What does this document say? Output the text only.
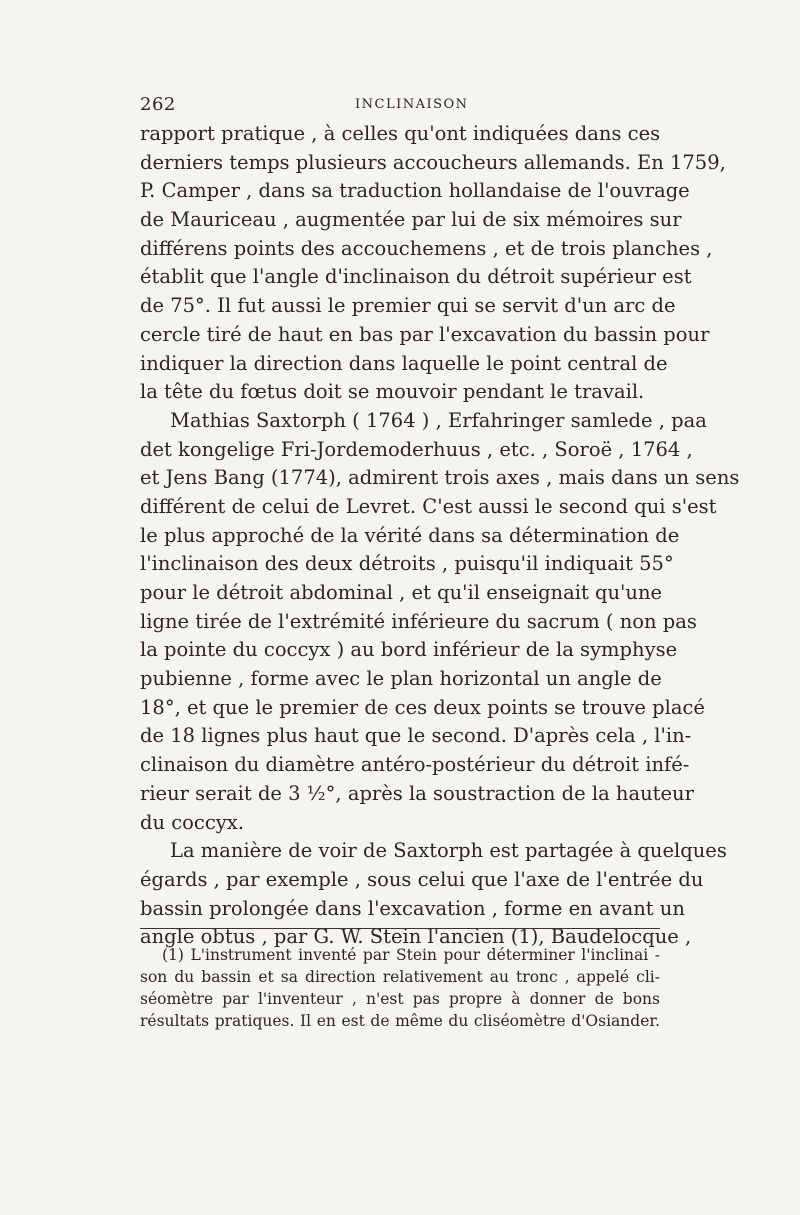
262	INCLINAISON
rapport pratique , à celles qu'ont indiquées dans ces
derniers temps plusieurs accoucheurs allemands. En 1759,
P. Camper , dans sa traduction hollandaise de l'ouvrage
de Mauriceau , augmentée par lui de six mémoires sur
différens points des accouchemens , et de trois planches ,
établit que l'angle d'inclinaison du détroit supérieur est
de 75°. Il fut aussi le premier qui se servit d'un arc de
cercle tiré de haut en bas par l'excavation du bassin pour
indiquer la direction dans laquelle le point central de
la tête du fœtus doit se mouvoir pendant le travail.
Mathias Saxtorph ( 1764 ) , Erfahringer samlede , paa
det kongelige Fri-Jordemoderhuus , etc. , Soroë , 1764 ,
et Jens Bang (1774), admirent trois axes , mais dans un sens
différent de celui de Levret. C'est aussi le second qui s'est
le plus approché de la vérité dans sa détermination de
l'inclinaison des deux détroits , puisqu'il indiquait 55°
pour le détroit abdominal , et qu'il enseignait qu'une
ligne tirée de l'extrémité inférieure du sacrum ( non pas
la pointe du coccyx ) au bord inférieur de la symphyse
pubienne , forme avec le plan horizontal un angle de
18°, et que le premier de ces deux points se trouve placé
de 18 lignes plus haut que le second. D'après cela , l'in-
clinaison du diamètre antéro-postérieur du détroit infé-
rieur serait de 3 ½°, après la soustraction de la hauteur
du coccyx.
La manière de voir de Saxtorph est partagée à quelques
égards , par exemple , sous celui que l'axe de l'entrée du
bassin prolongée dans l'excavation , forme en avant un
angle obtus , par G. W. Stein l'ancien (1), Baudelocque ,
(1) L'instrument inventé par Stein pour déterminer l'inclinai -
son du bassin et sa direction relativement au tronc , appelé cli-
séomètre par l'inventeur , n'est pas propre à donner de bons
résultats pratiques. Il en est de même du cliséomètre d'Osiander.
